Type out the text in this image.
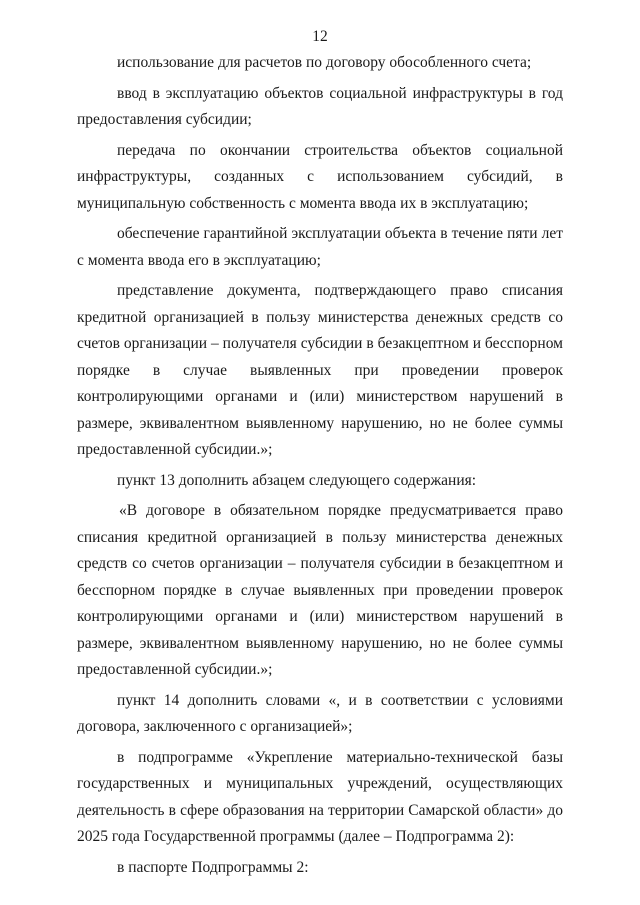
12

использование для расчетов по договору обособленного счета;

ввод в эксплуатацию объектов социальной инфраструктуры в год предоставления субсидии;

передача по окончании строительства объектов социальной инфраструктуры, созданных с использованием субсидий, в муниципальную собственность с момента ввода их в эксплуатацию;

обеспечение гарантийной эксплуатации объекта в течение пяти лет с момента ввода его в эксплуатацию;

представление документа, подтверждающего право списания кредитной организацией в пользу министерства денежных средств со счетов организации – получателя субсидии в безакцептном и бесспорном порядке в случае выявленных при проведении проверок контролирующими органами и (или) министерством нарушений в размере, эквивалентном выявленному нарушению, но не более суммы предоставленной субсидии.»;

пункт 13 дополнить абзацем следующего содержания:

«В договоре в обязательном порядке предусматривается право списания кредитной организацией в пользу министерства денежных средств со счетов организации – получателя субсидии в безакцептном и бесспорном порядке в случае выявленных при проведении проверок контролирующими органами и (или) министерством нарушений в размере, эквивалентном выявленному нарушению, но не более суммы предоставленной субсидии.»;

пункт 14 дополнить словами «, и в соответствии с условиями договора, заключенного с организацией»;

в подпрограмме «Укрепление материально-технической базы государственных и муниципальных учреждений, осуществляющих деятельность в сфере образования на территории Самарской области» до 2025 года Государственной программы (далее – Подпрограмма 2):

в паспорте Подпрограммы 2:
